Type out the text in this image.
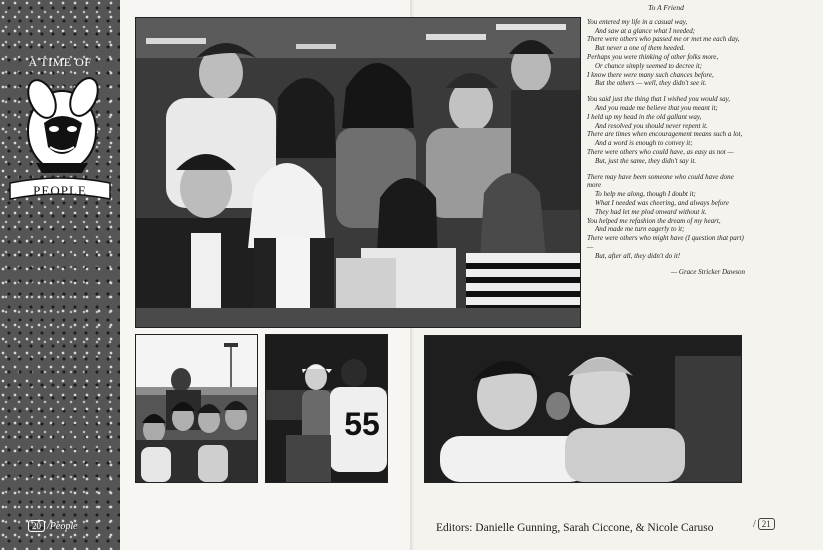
A TIME OF
PEOPLE
To A Friend
You entered my life in a casual way,
And saw at a glance what I needed;
There were others who passed me or met me each day,
But never a one of them heeded.
Perhaps you were thinking of other folks more,
Or chance simply seemed to decree it;
I know there were many such chances before,
But the others — well, they didn't see it.
You said just the thing that I wished you would say,
And you made me believe that you meant it;
I held up my head in the old gallant way,
And resolved you should never repent it.
There are times when encouragement means such a lot,
And a word is enough to convey it;
There were others who could have, as easy as not —
But, just the same, they didn't say it.
There may have been someone who could have done more
To help me along, though I doubt it;
What I needed was cheering, and always before
They had let me plod onward without it.
You helped me refashion the dream of my heart,
And made me turn eagerly to it;
There were others who might have (I question that part) —
But, after all, they didn't do it!
— Grace Stricker Dawson
55
20 /People	Editors: Danielle Gunning, Sarah Ciccone, & Nicole Caruso	/ 21
